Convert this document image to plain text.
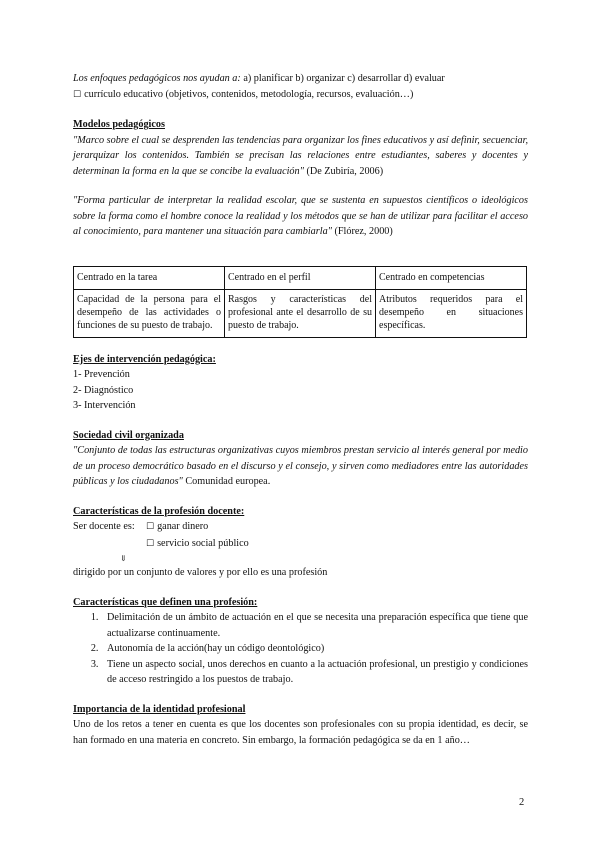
Los enfoques pedagógicos nos ayudan a: a) planificar b) organizar c) desarrollar d) evaluar

☐ currículo educativo (objetivos, contenidos, metodología, recursos, evaluación…)

Modelos pedagógicos

"Marco sobre el cual se desprenden las tendencias para organizar los fines educativos y así definir, secuenciar, jerarquizar los contenidos. También se precisan las relaciones entre estudiantes, saberes y docentes y determinan la forma en la que se concibe la evaluación" (De Zubiría, 2006)

"Forma particular de interpretar la realidad escolar, que se sustenta en supuestos científicos o ideológicos sobre la forma como el hombre conoce la realidad y los métodos que se han de utilizar para facilitar el acceso al conocimiento, para mantener una situación para cambiarla" (Flórez, 2000)

Centrado en la tarea	Centrado en el perfil	Centrado en competencias
Capacidad de la persona para el desempeño de las actividades o funciones de su puesto de trabajo.	Rasgos y características del profesional ante el desarrollo de su puesto de trabajo.	Atributos requeridos para el desempeño en situaciones específicas.

Ejes de intervención pedagógica:

1- Prevención
2- Diagnóstico
3- Intervención

Sociedad civil organizada

"Conjunto de todas las estructuras organizativas cuyos miembros prestan servicio al interés general por medio de un proceso democrático basado en el discurso y el consejo, y sirven como mediadores entre las autoridades públicas y los ciudadanos" Comunidad europea.

Características de la profesión docente:

Ser docente es:	☐ ganar dinero
☐ servicio social público
⇓

dirigido por un conjunto de valores y por ello es una profesión

Características que definen una profesión:

1. Delimitación de un ámbito de actuación en el que se necesita una preparación específica que tiene que actualizarse continuamente.
2. Autonomía de la acción(hay un código deontológico)
3. Tiene un aspecto social, unos derechos en cuanto a la actuación profesional, un prestigio y condiciones de acceso restringido a los puestos de trabajo.

Importancia de la identidad profesional

Uno de los retos a tener en cuenta es que los docentes son profesionales con su propia identidad, es decir, se han formado en una materia en concreto. Sin embargo, la formación pedagógica se da en 1 año…

2
